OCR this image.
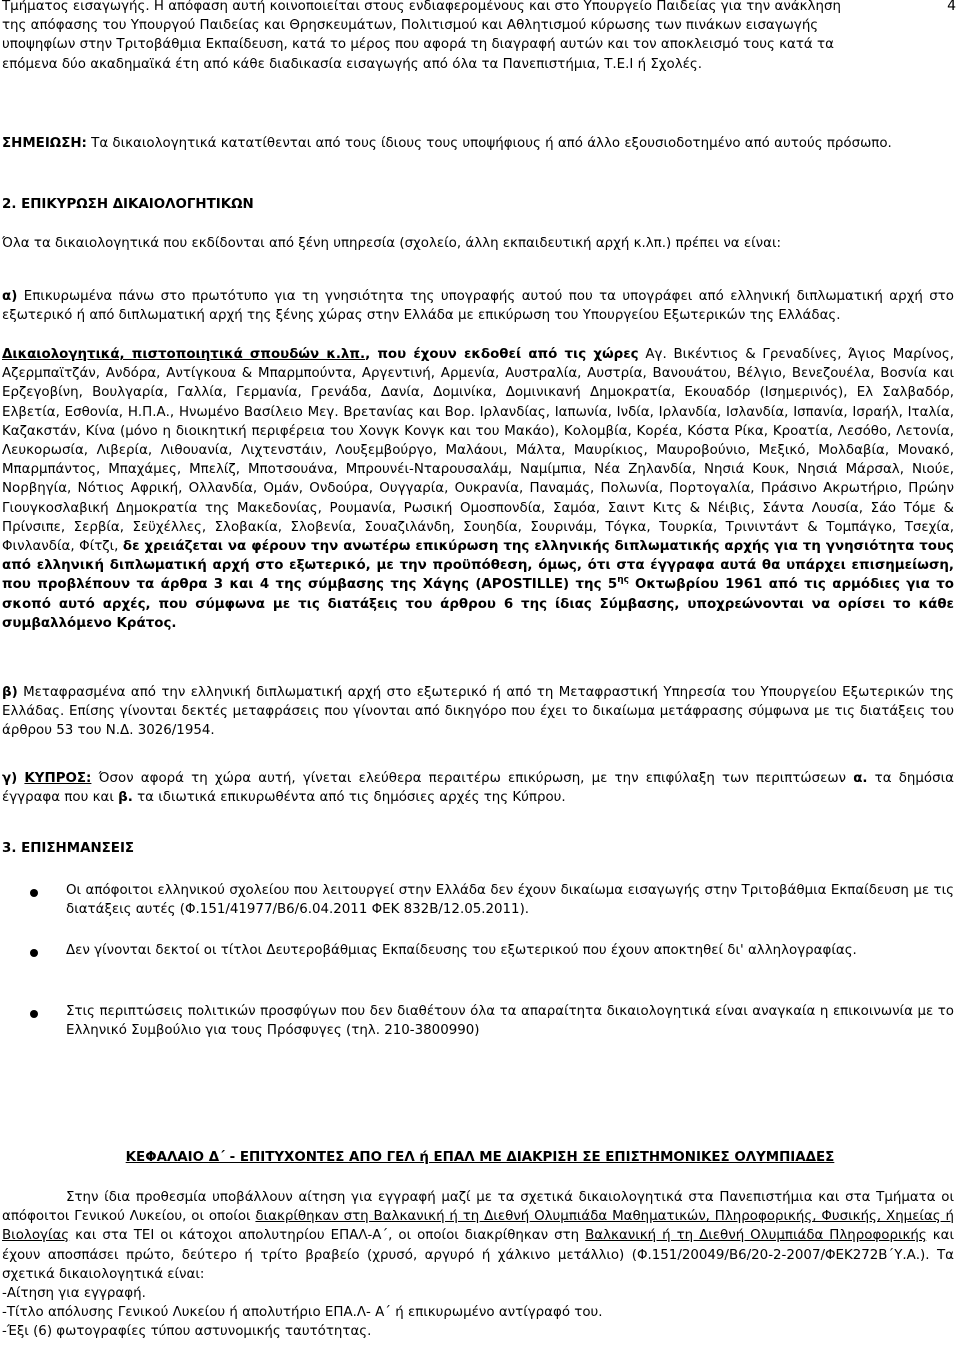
4
Τμήματος εισαγωγής. Η απόφαση αυτή κοινοποιείται στους ενδιαφερομένους και στο Υπουργείο Παιδείας για την ανάκληση
της απόφασης του Υπουργού Παιδείας και Θρησκευμάτων, Πολιτισμού και Αθλητισμού κύρωσης των πινάκων εισαγωγής
υποψηφίων στην Τριτοβάθμια Εκπαίδευση, κατά το μέρος που αφορά τη διαγραφή αυτών και τον αποκλεισμό τους κατά τα
επόμενα δύο ακαδημαϊκά έτη από κάθε διαδικασία εισαγωγής από όλα τα Πανεπιστήμια, Τ.Ε.Ι ή Σχολές.

ΣΗΜΕΙΩΣΗ: Τα δικαιολογητικά κατατίθενται από τους ίδιους τους υποψήφιους ή από άλλο εξουσιοδοτημένο από αυτούς πρόσωπο.

2. ΕΠΙΚΥΡΩΣΗ ΔΙΚΑΙΟΛΟΓΗΤΙΚΩΝ
Όλα τα δικαιολογητικά που εκδίδονται από ξένη υπηρεσία (σχολείο, άλλη εκπαιδευτική αρχή κ.λπ.) πρέπει να είναι:

α) Επικυρωμένα πάνω στο πρωτότυπο για τη γνησιότητα της υπογραφής αυτού που τα υπογράφει από ελληνική διπλωματική αρχή στο εξωτερικό ή από διπλωματική αρχή της ξένης χώρας στην Ελλάδα με επικύρωση του Υπουργείου Εξωτερικών της Ελλάδας.

Δικαιολογητικά, πιστοποιητικά σπουδών κ.λπ., που έχουν εκδοθεί από τις χώρες Αγ. Βικέντιος & Γρεναδίνες, Άγιος Μαρίνος, Αζερμπαϊτζάν, Ανδόρα, Αντίγκουα & Μπαρμπούντα, Αργεντινή, Αρμενία, Αυστραλία, Αυστρία, Βανουάτου, Βέλγιο, Βενεζουέλα, Βοσνία και Ερζεγοβίνη, Βουλγαρία, Γαλλία, Γερμανία, Γρενάδα, Δανία, Δομινίκα, Δομινικανή Δημοκρατία, Εκουαδόρ (Ισημερινός), Ελ Σαλβαδόρ, Ελβετία, Εσθονία, Η.Π.Α., Ηνωμένο Βασίλειο Μεγ. Βρετανίας και Βορ. Ιρλανδίας, Ιαπωνία, Ινδία, Ιρλανδία, Ισλανδία, Ισπανία, Ισραήλ, Ιταλία, Καζακστάν, Κίνα (μόνο η διοικητική περιφέρεια του Χονγκ Κονγκ και του Μακάο), Κολομβία, Κορέα, Κόστα Ρίκα, Κροατία, Λεσόθο, Λετονία, Λευκορωσία, Λιβερία, Λιθουανία, Λιχτενστάιν, Λουξεμβούργο, Μαλάουι, Μάλτα, Μαυρίκιος, Μαυροβούνιο, Μεξικό, Μολδαβία, Μονακό, Μπαρμπάντος, Μπαχάμες, Μπελίζ, Μποτσουάνα, Μπρουνέι-Νταρουσαλάμ, Ναμίμπια, Νέα Ζηλανδία, Νησιά Κουκ, Νησιά Μάρσαλ, Νιούε, Νορβηγία, Νότιος Αφρική, Ολλανδία, Ομάν, Ονδούρα, Ουγγαρία, Ουκρανία, Παναμάς, Πολωνία, Πορτογαλία, Πράσινο Ακρωτήριο, Πρώην Γιουγκοσλαβική Δημοκρατία της Μακεδονίας, Ρουμανία, Ρωσική Ομοσπονδία, Σαμόα, Σαιντ Κιτς & Νέιβις, Σάντα Λουσία, Σάο Τόμε & Πρίνσιπε, Σερβία, Σεϋχέλλες, Σλοβακία, Σλοβενία, Σουαζιλάνδη, Σουηδία, Σουρινάμ, Τόγκα, Τουρκία, Τρινιντάντ & Τομπάγκο, Τσεχία, Φινλανδία, Φίτζι, δε χρειάζεται να φέρουν την ανωτέρω επικύρωση της ελληνικής διπλωματικής αρχής για τη γνησιότητα τους από ελληνική διπλωματική αρχή στο εξωτερικό, με την προϋπόθεση, όμως, ότι στα έγγραφα αυτά θα υπάρχει επισημείωση, που προβλέπουν τα άρθρα 3 και 4 της σύμβασης της Χάγης (APOSTILLE) της $5^{\eta\varsigma}$ Οκτωβρίου 1961 από τις αρμόδιες για το σκοπό αυτό αρχές, που σύμφωνα με τις διατάξεις του άρθρου 6 της ίδιας Σύμβασης, υποχρεώνονται να ορίσει το κάθε συμβαλλόμενο Κράτος.

β) Μεταφρασμένα από την ελληνική διπλωματική αρχή στο εξωτερικό ή από τη Μεταφραστική Υπηρεσία του Υπουργείου Εξωτερικών της Ελλάδας. Επίσης γίνονται δεκτές μεταφράσεις που γίνονται από δικηγόρο που έχει το δικαίωμα μετάφρασης σύμφωνα με τις διατάξεις του άρθρου 53 του Ν.Δ. 3026/1954.

γ) ΚΥΠΡΟΣ: Όσον αφορά τη χώρα αυτή, γίνεται ελεύθερα περαιτέρω επικύρωση, με την επιφύλαξη των περιπτώσεων α. τα δημόσια έγγραφα που και β. τα ιδιωτικά επικυρωθέντα από τις δημόσιες αρχές της Κύπρου.

3. ΕΠΙΣΗΜΑΝΣΕΙΣ

Οι απόφοιτοι ελληνικού σχολείου που λειτουργεί στην Ελλάδα δεν έχουν δικαίωμα εισαγωγής στην Τριτοβάθμια Εκπαίδευση με τις διατάξεις αυτές (Φ.151/41977/Β6/6.04.2011 ΦΕΚ 832Β/12.05.2011).

Δεν γίνονται δεκτοί οι τίτλοι Δευτεροβάθμιας Εκπαίδευσης του εξωτερικού που έχουν αποκτηθεί δι' αλληλογραφίας.

Στις περιπτώσεις πολιτικών προσφύγων που δεν διαθέτουν όλα τα απαραίτητα δικαιολογητικά είναι αναγκαία η επικοινωνία με το Ελληνικό Συμβούλιο για τους Πρόσφυγες (τηλ. 210-3800990)

ΚΕΦΑΛΑΙΟ Δ΄ - ΕΠΙΤΥΧΟΝΤΕΣ ΑΠΟ ΓΕΛ ή ΕΠΑΛ ΜΕ ΔΙΑΚΡΙΣΗ ΣΕ ΕΠΙΣΤΗΜΟΝΙΚΕΣ ΟΛΥΜΠΙΑΔΕΣ

Στην ίδια προθεσμία υποβάλλουν αίτηση για εγγραφή μαζί με τα σχετικά δικαιολογητικά στα Πανεπιστήμια και στα Τμήματα οι απόφοιτοι Γενικού Λυκείου, οι οποίοι διακρίθηκαν στη Βαλκανική ή τη Διεθνή Ολυμπιάδα Μαθηματικών, Πληροφορικής, Φυσικής, Χημείας ή Βιολογίας και στα ΤΕΙ οι κάτοχοι απολυτηρίου ΕΠΑΛ-Α΄, οι οποίοι διακρίθηκαν στη Βαλκανική ή τη Διεθνή Ολυμπιάδα Πληροφορικής και έχουν αποσπάσει πρώτο, δεύτερο ή τρίτο βραβείο (χρυσό, αργυρό ή χάλκινο μετάλλιο) (Φ.151/20049/Β6/20-2-2007/ΦΕΚ272Β΄Υ.Α.). Τα σχετικά δικαιολογητικά είναι:

-Αίτηση για εγγραφή.
-Τίτλο απόλυσης Γενικού Λυκείου ή απολυτήριο ΕΠΑ.Λ- Α΄ ή επικυρωμένο αντίγραφό του.
-Έξι (6) φωτογραφίες τύπου αστυνομικής ταυτότητας.
